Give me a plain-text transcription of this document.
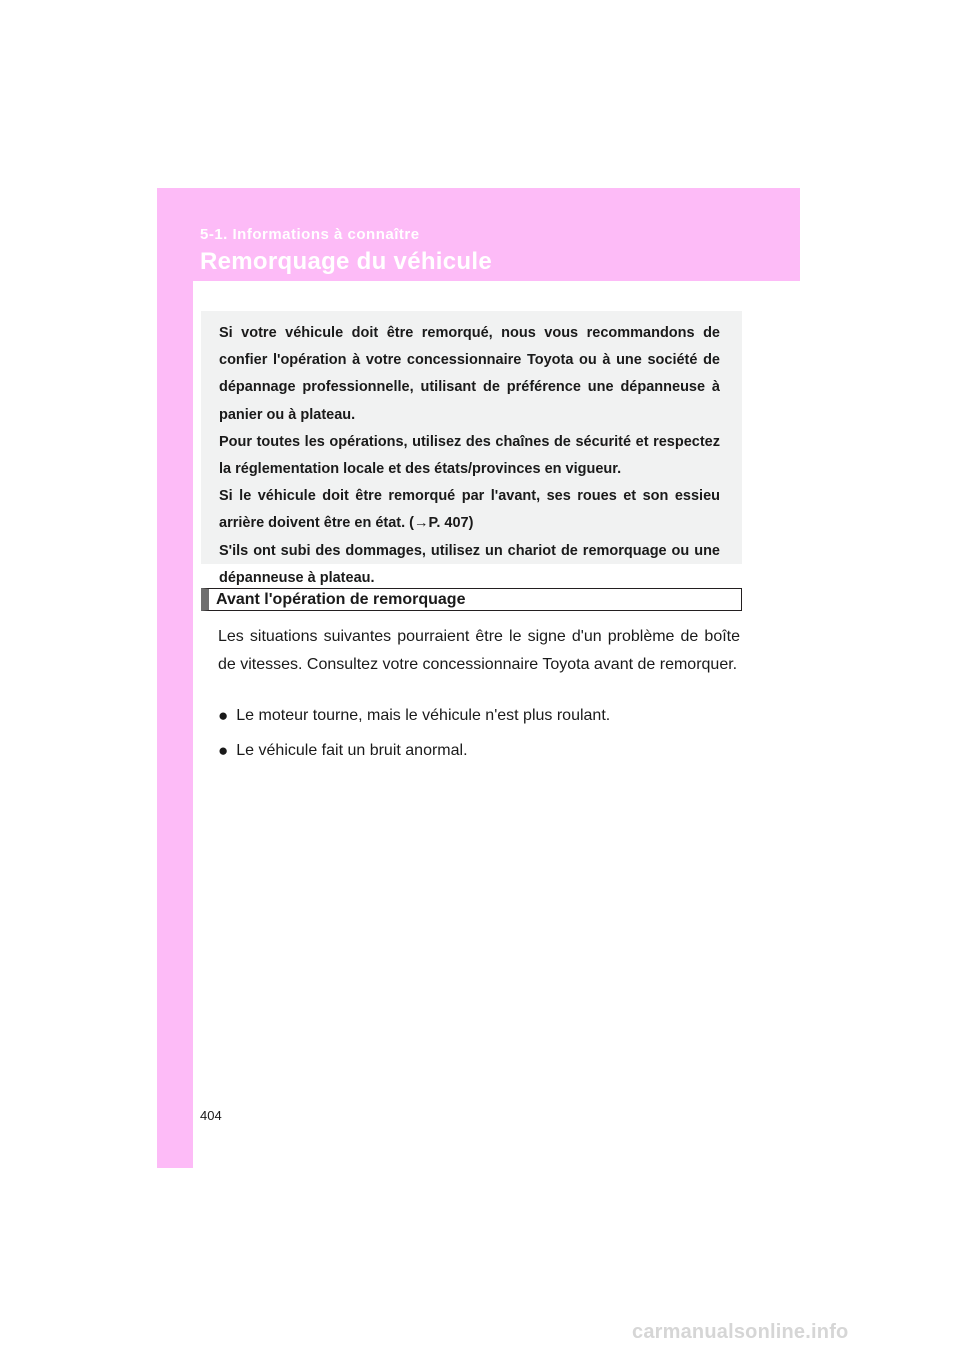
5-1. Informations à connaître
Remorquage du véhicule

Si votre véhicule doit être remorqué, nous vous recommandons de confier l'opération à votre concessionnaire Toyota ou à une société de dépannage professionnelle, utilisant de préférence une dépanneuse à panier ou à plateau.

Pour toutes les opérations, utilisez des chaînes de sécurité et respectez la réglementation locale et des états/provinces en vigueur.

Si le véhicule doit être remorqué par l'avant, ses roues et son essieu arrière doivent être en état. (→P. 407)

S'ils ont subi des dommages, utilisez un chariot de remorquage ou une dépanneuse à plateau.

Avant l'opération de remorquage

Les situations suivantes pourraient être le signe d'un problème de boîte de vitesses. Consultez votre concessionnaire Toyota avant de remorquer.

● Le moteur tourne, mais le véhicule n'est plus roulant.
● Le véhicule fait un bruit anormal.
404
carmanualsonline.info
